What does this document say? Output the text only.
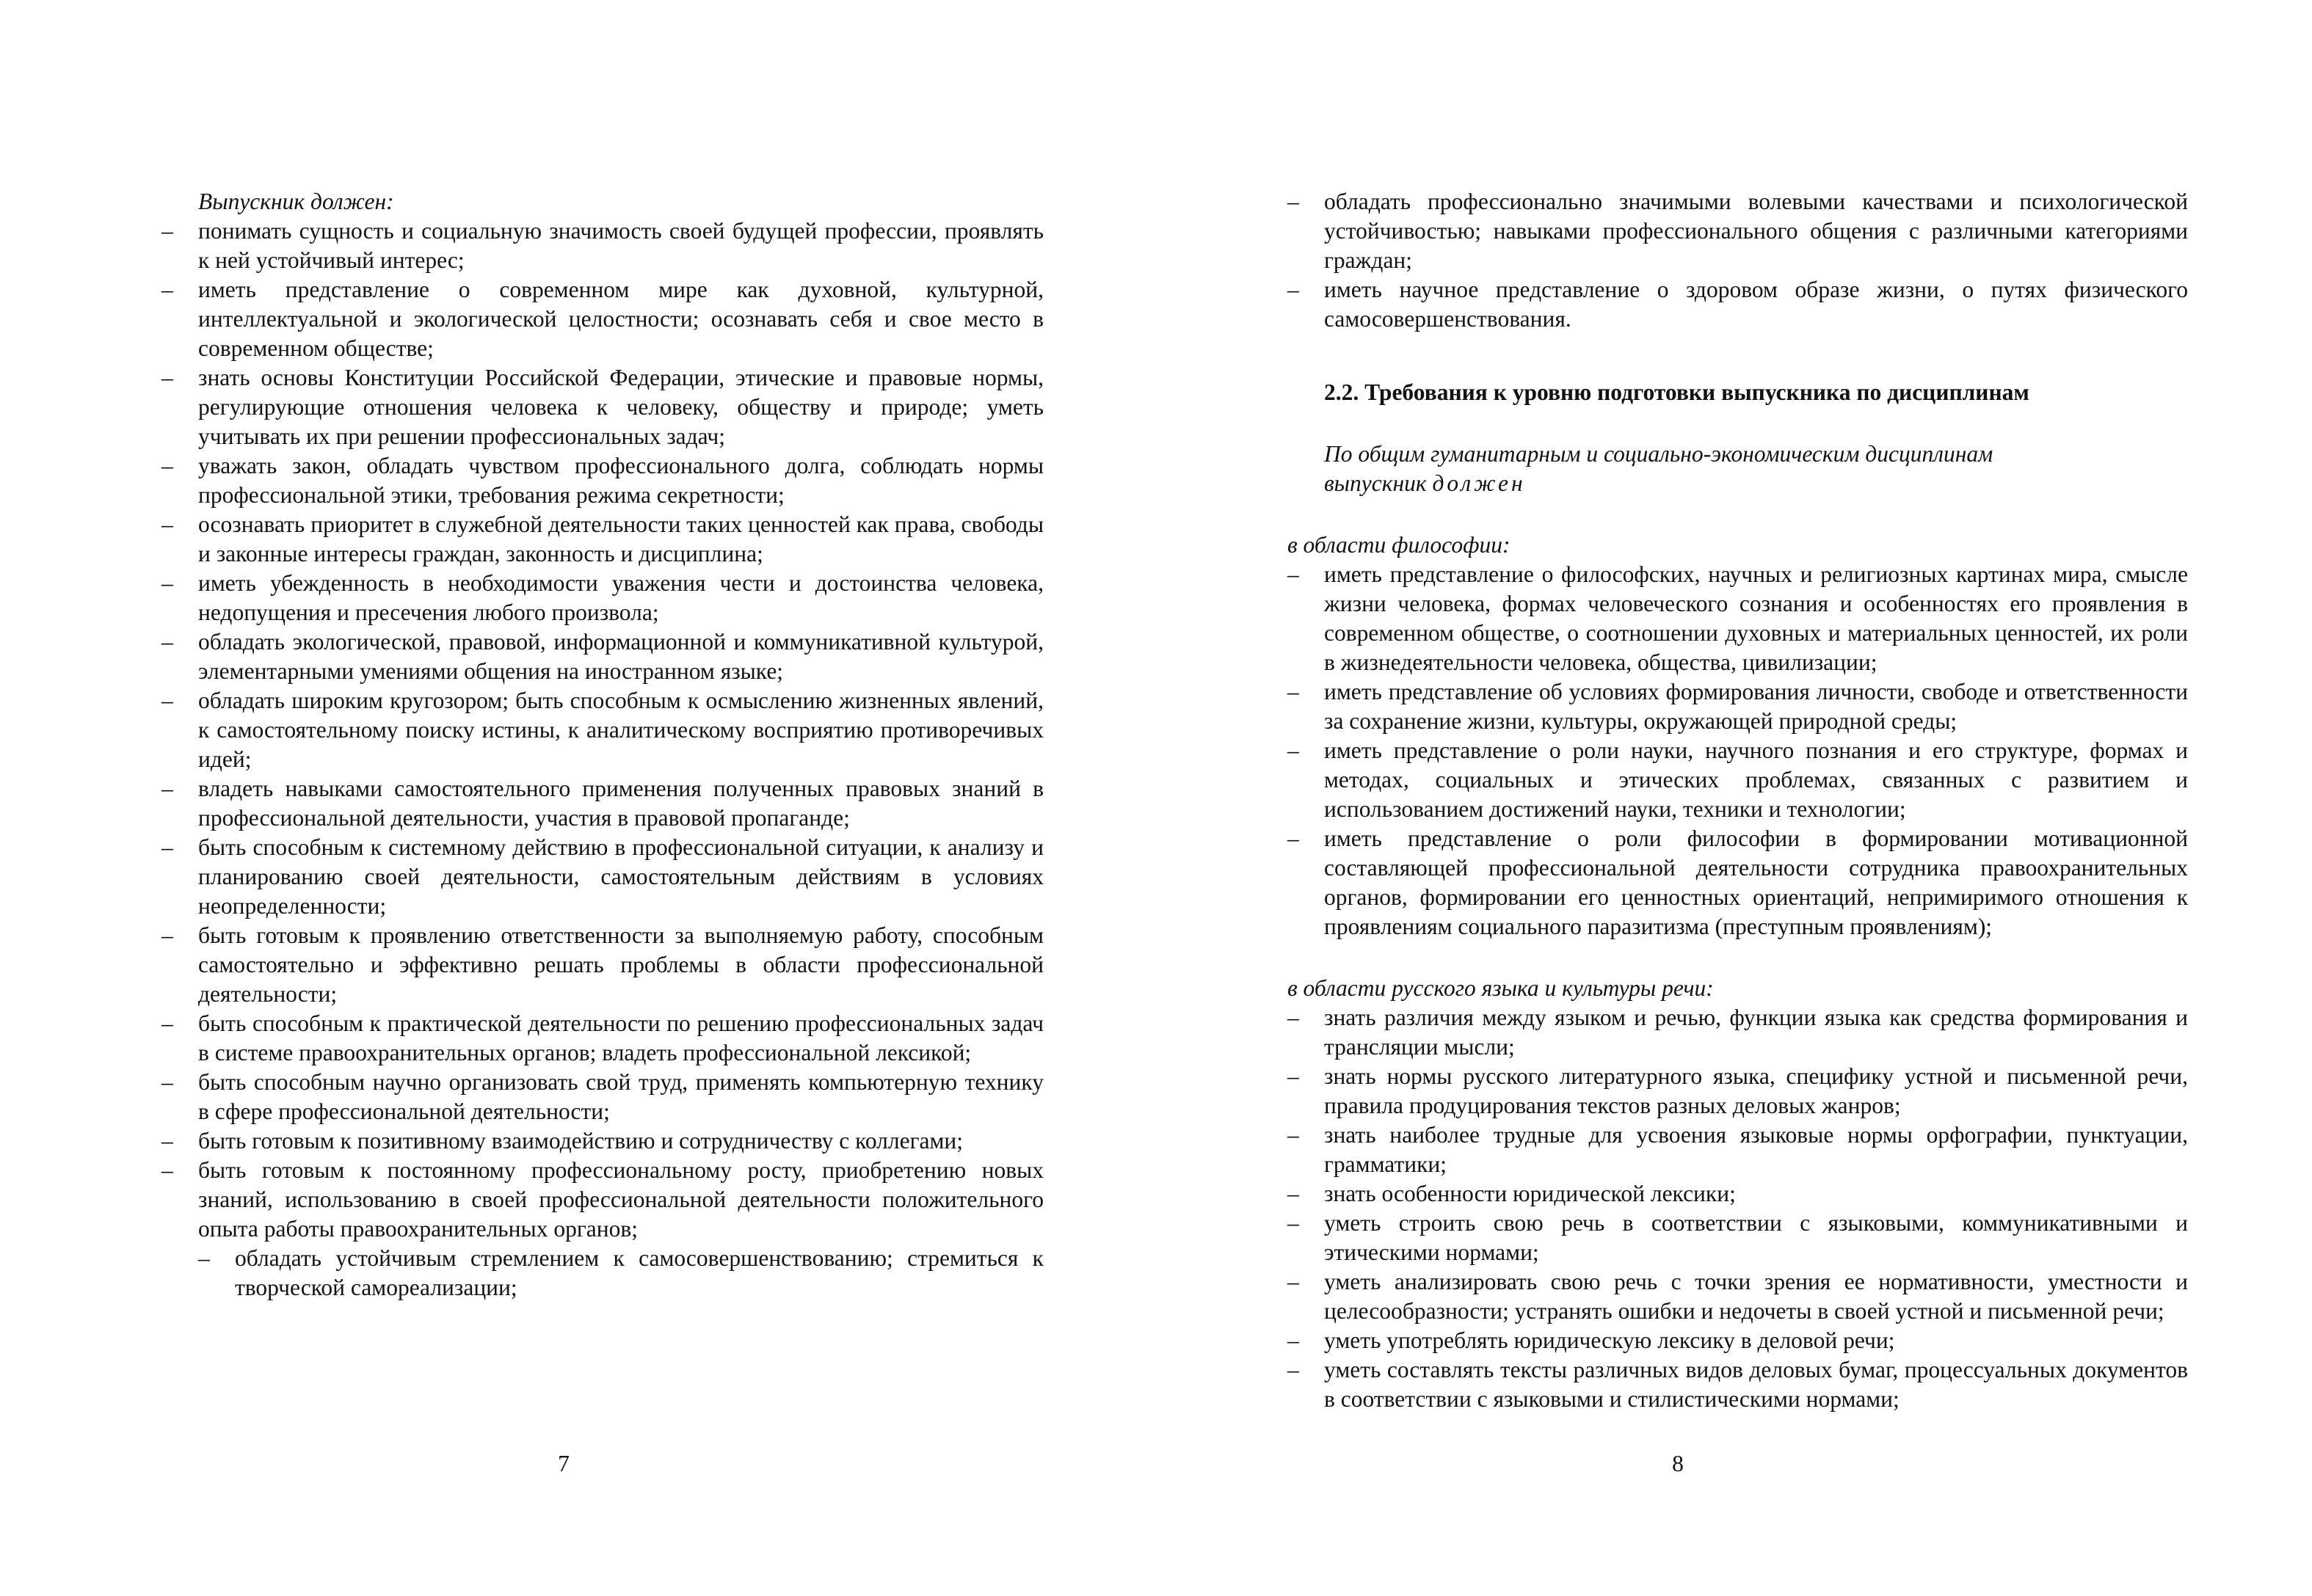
Выпускник должен:

– понимать сущность и социальную значимость своей будущей профессии, проявлять к ней устойчивый интерес;
– иметь представление о современном мире как духовной, культурной, интеллектуальной и экологической целостности; осознавать себя и свое место в современном обществе;
– знать основы Конституции Российской Федерации, этические и правовые нормы, регулирующие отношения человека к человеку, обществу и природе; уметь учитывать их при решении профессиональных задач;
– уважать закон, обладать чувством профессионального долга, соблюдать нормы профессиональной этики, требования режима секретности;
– осознавать приоритет в служебной деятельности таких ценностей как права, свободы и законные интересы граждан, законность и дисциплина;
– иметь убежденность в необходимости уважения чести и достоинства человека, недопущения и пресечения любого произвола;
– обладать экологической, правовой, информационной и коммуникативной культурой, элементарными умениями общения на иностранном языке;
– обладать широким кругозором; быть способным к осмыслению жизненных явлений, к самостоятельному поиску истины, к аналитическому восприятию противоречивых идей;
– владеть навыками самостоятельного применения полученных правовых знаний в профессиональной деятельности, участия в правовой пропаганде;
– быть способным к системному действию в профессиональной ситуации, к анализу и планированию своей деятельности, самостоятельным действиям в условиях неопределенности;
– быть готовым к проявлению ответственности за выполняемую работу, способным самостоятельно и эффективно решать проблемы в области профессиональной деятельности;
– быть способным к практической деятельности по решению профессиональных задач в системе правоохранительных органов; владеть профессиональной лексикой;
– быть способным научно организовать свой труд, применять компьютерную технику в сфере профессиональной деятельности;
– быть готовым к позитивному взаимодействию и сотрудничеству с коллегами;
– быть готовым к постоянному профессиональному росту, приобретению новых знаний, использованию в своей профессиональной деятельности положительного опыта работы правоохранительных органов;
– обладать устойчивым стремлением к самосовершенствованию; стремиться к творческой самореализации;
7
– обладать профессионально значимыми волевыми качествами и психологической устойчивостью; навыками профессионального общения с различными категориями граждан;
– иметь научное представление о здоровом образе жизни, о путях физического самосовершенствования.

2.2. Требования к уровню подготовки выпускника по дисциплинам

По общим гуманитарным и социально-экономическим дисциплинам

выпускник должен

в области философии:

– иметь представление о философских, научных и религиозных картинах мира, смысле жизни человека, формах человеческого сознания и особенностях его проявления в современном обществе, о соотношении духовных и материальных ценностей, их роли в жизнедеятельности человека, общества, цивилизации;
– иметь представление об условиях формирования личности, свободе и ответственности за сохранение жизни, культуры, окружающей природной среды;
– иметь представление о роли науки, научного познания и его структуре, формах и методах, социальных и этических проблемах, связанных с развитием и использованием достижений науки, техники и технологии;
– иметь представление о роли философии в формировании мотивационной составляющей профессиональной деятельности сотрудника правоохранительных органов, формировании его ценностных ориентаций, непримиримого отношения к проявлениям социального паразитизма (преступным проявлениям);

в области русского языка и культуры речи:

– знать различия между языком и речью, функции языка как средства формирования и трансляции мысли;
– знать нормы русского литературного языка, специфику устной и письменной речи, правила продуцирования текстов разных деловых жанров;
– знать наиболее трудные для усвоения языковые нормы орфографии, пунктуации, грамматики;
– знать особенности юридической лексики;
– уметь строить свою речь в соответствии с языковыми, коммуникативными и этическими нормами;
– уметь анализировать свою речь с точки зрения ее нормативности, уместности и целесообразности; устранять ошибки и недочеты в своей устной и письменной речи;
– уметь употреблять юридическую лексику в деловой речи;
– уметь составлять тексты различных видов деловых бумаг, процессуальных документов в соответствии с языковыми и стилистическими нормами;
8
